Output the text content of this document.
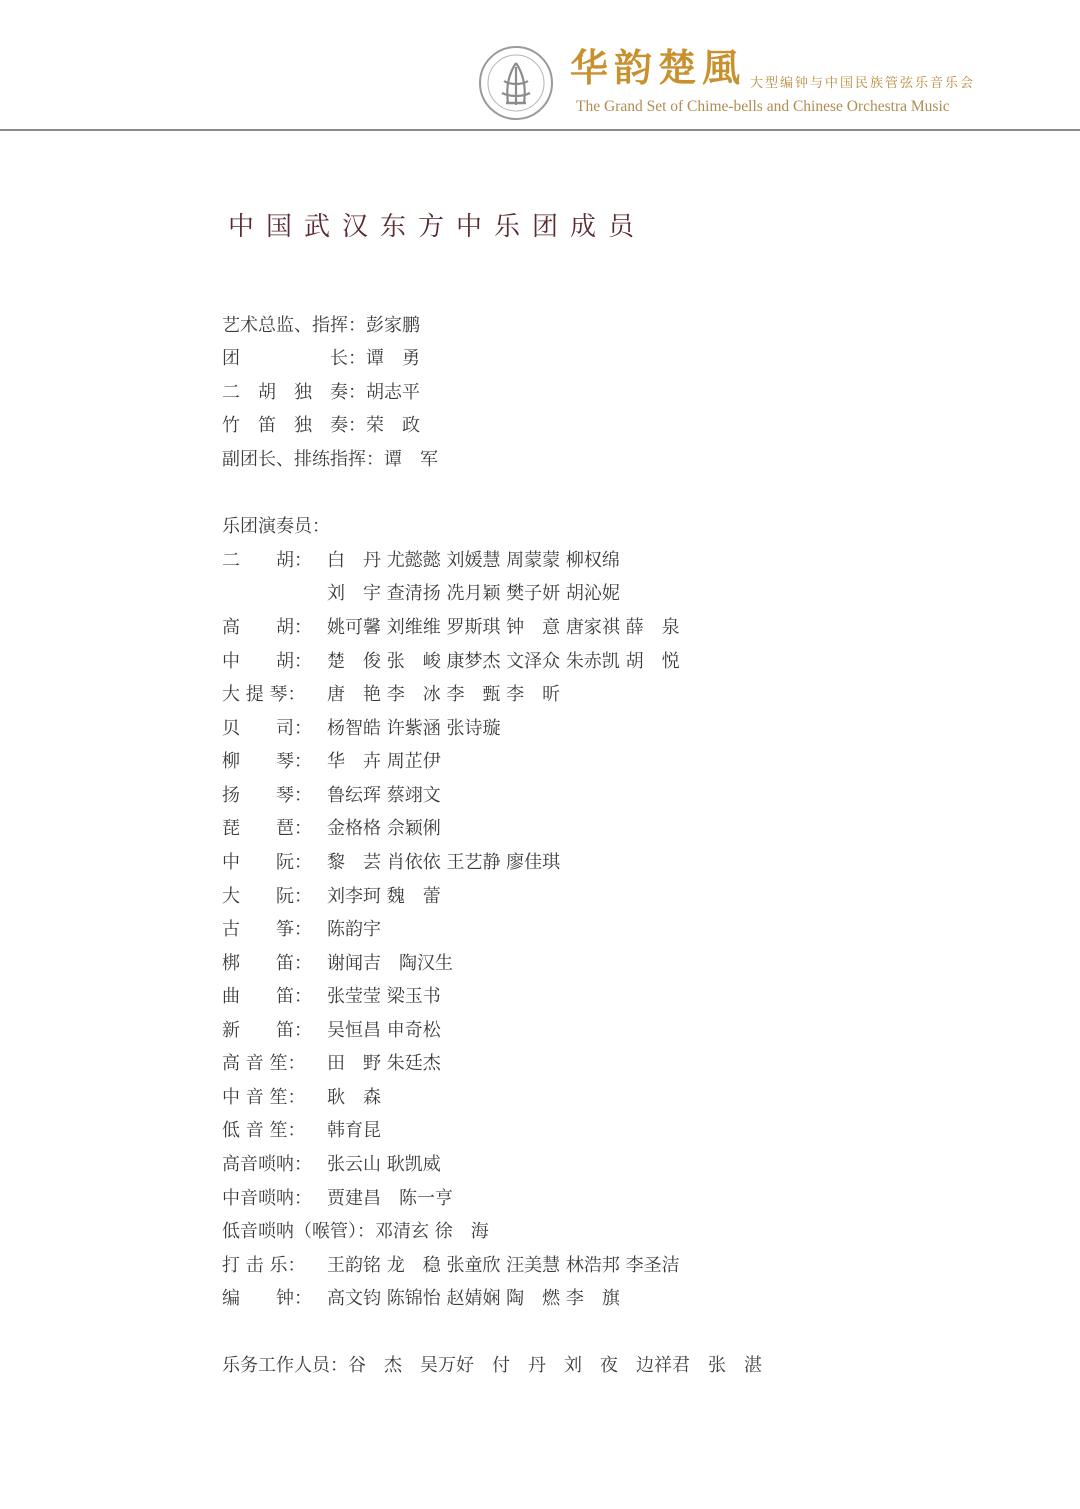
华韵楚風 大型编钟与中国民族管弦乐音乐会
The Grand Set of Chime-bells and Chinese Orchestra Music
中国武汉东方中乐团成员
艺术总监、指挥：彭家鹏
团　　　　　长：谭　勇
二　胡　独　奏：胡志平
竹　笛　独　奏：荣　政
副团长、排练指挥：谭　军
乐团演奏员：
二　　胡： 白　丹 尤懿懿 刘媛慧 周蒙蒙 柳权绵
刘　宇 查清扬 冼月颖 樊子妍 胡沁妮
高　　胡： 姚可馨 刘维维 罗斯琪 钟　意 唐家祺 薛　泉
中　　胡： 楚　俊 张　峻 康梦杰 文泽众 朱赤凯 胡　悦
大 提 琴： 唐　艳 李　冰 李　甄 李　昕
贝　　司： 杨智皓 许紫涵 张诗璇
柳　　琴： 华　卉 周芷伊
扬　　琴： 鲁纭珲 蔡翊文
琵　　琶： 金格格 佘颖俐
中　　阮： 黎　芸 肖依依 王艺静 廖佳琪
大　　阮： 刘李珂 魏　蕾
古　　筝： 陈韵宇
梆　　笛： 谢闻吉　陶汉生
曲　　笛： 张莹莹 梁玉书
新　　笛： 吴恒昌 申奇松
高 音 笙： 田　野 朱廷杰
中 音 笙： 耿　森
低 音 笙： 韩育昆
高音唢呐： 张云山 耿凯威
中音唢呐： 贾建昌　陈一亨
低音唢呐（喉管）：邓清玄 徐　海
打 击 乐： 王韵铭 龙　稳 张童欣 汪美慧 林浩邦 李圣洁
编　　钟： 高文钧 陈锦怡 赵婧娴 陶　燃 李　旗
乐务工作人员：谷　杰　吴万好　付　丹　刘　夜　边祥君　张　湛
